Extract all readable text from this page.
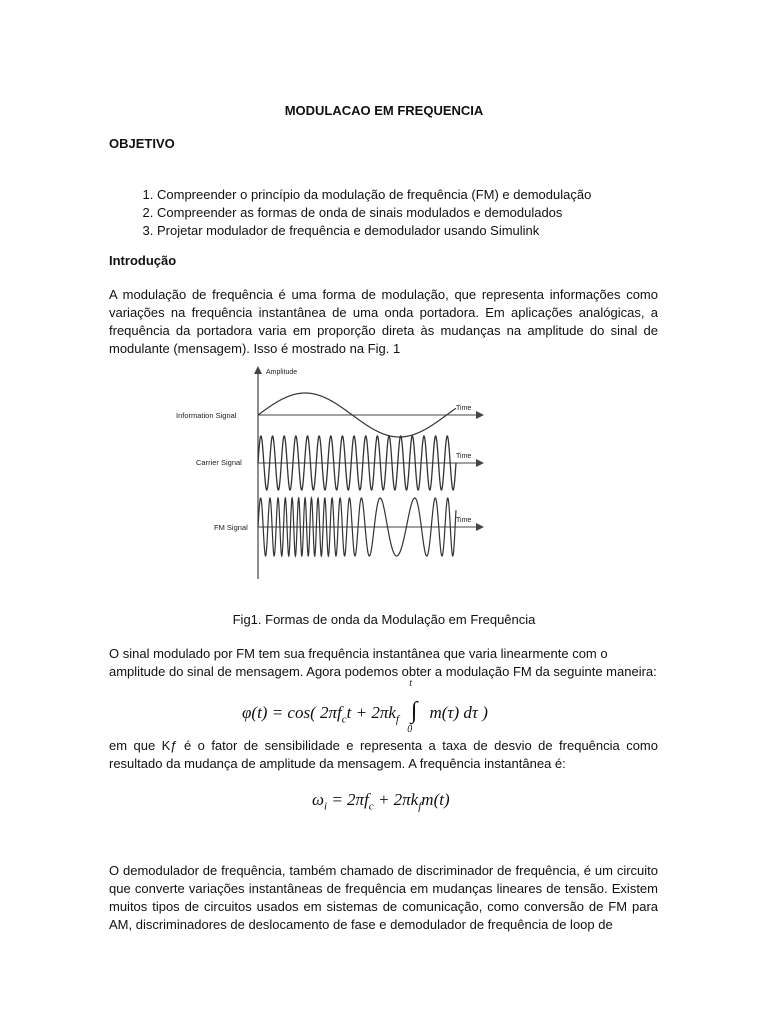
MODULACAO EM FREQUENCIA
OBJETIVO
1. Compreender o princípio da modulação de frequência (FM) e demodulação
2. Compreender as formas de onda de sinais modulados e demodulados
3. Projetar modulador de frequência e demodulador usando Simulink
Introdução

A modulação de frequência é uma forma de modulação, que representa informações como variações na frequência instantânea de uma onda portadora. Em aplicações analógicas, a frequência da portadora varia em proporção direta às mudanças na amplitude do sinal de modulante (mensagem). Isso é mostrado na Fig. 1

Amplitude
Information Signal
Time
Carrier Signal
Time
FM Signal
Time
Fig1. Formas de onda da Modulação em Frequência

O sinal modulado por FM tem sua frequência instantânea que varia linearmente com o amplitude do sinal de mensagem. Agora podemos obter a modulação FM da seguinte maneira:

φ(t) = cos( $2\pi f_ct + 2\pi k_f$
t
∫
0
m(τ) dτ )

em que Kƒ é o fator de sensibilidade e representa a taxa de desvio de frequência como resultado da mudança de amplitude da mensagem. A frequência instantânea é:

$\omega_i = 2\pi f_c + 2\pi k_fm(t)$

O demodulador de frequência, também chamado de discriminador de frequência, é um circuito que converte variações instantâneas de frequência em mudanças lineares de tensão. Existem muitos tipos de circuitos usados em sistemas de comunicação, como conversão de FM para AM, discriminadores de deslocamento de fase e demodulador de frequência de loop de
